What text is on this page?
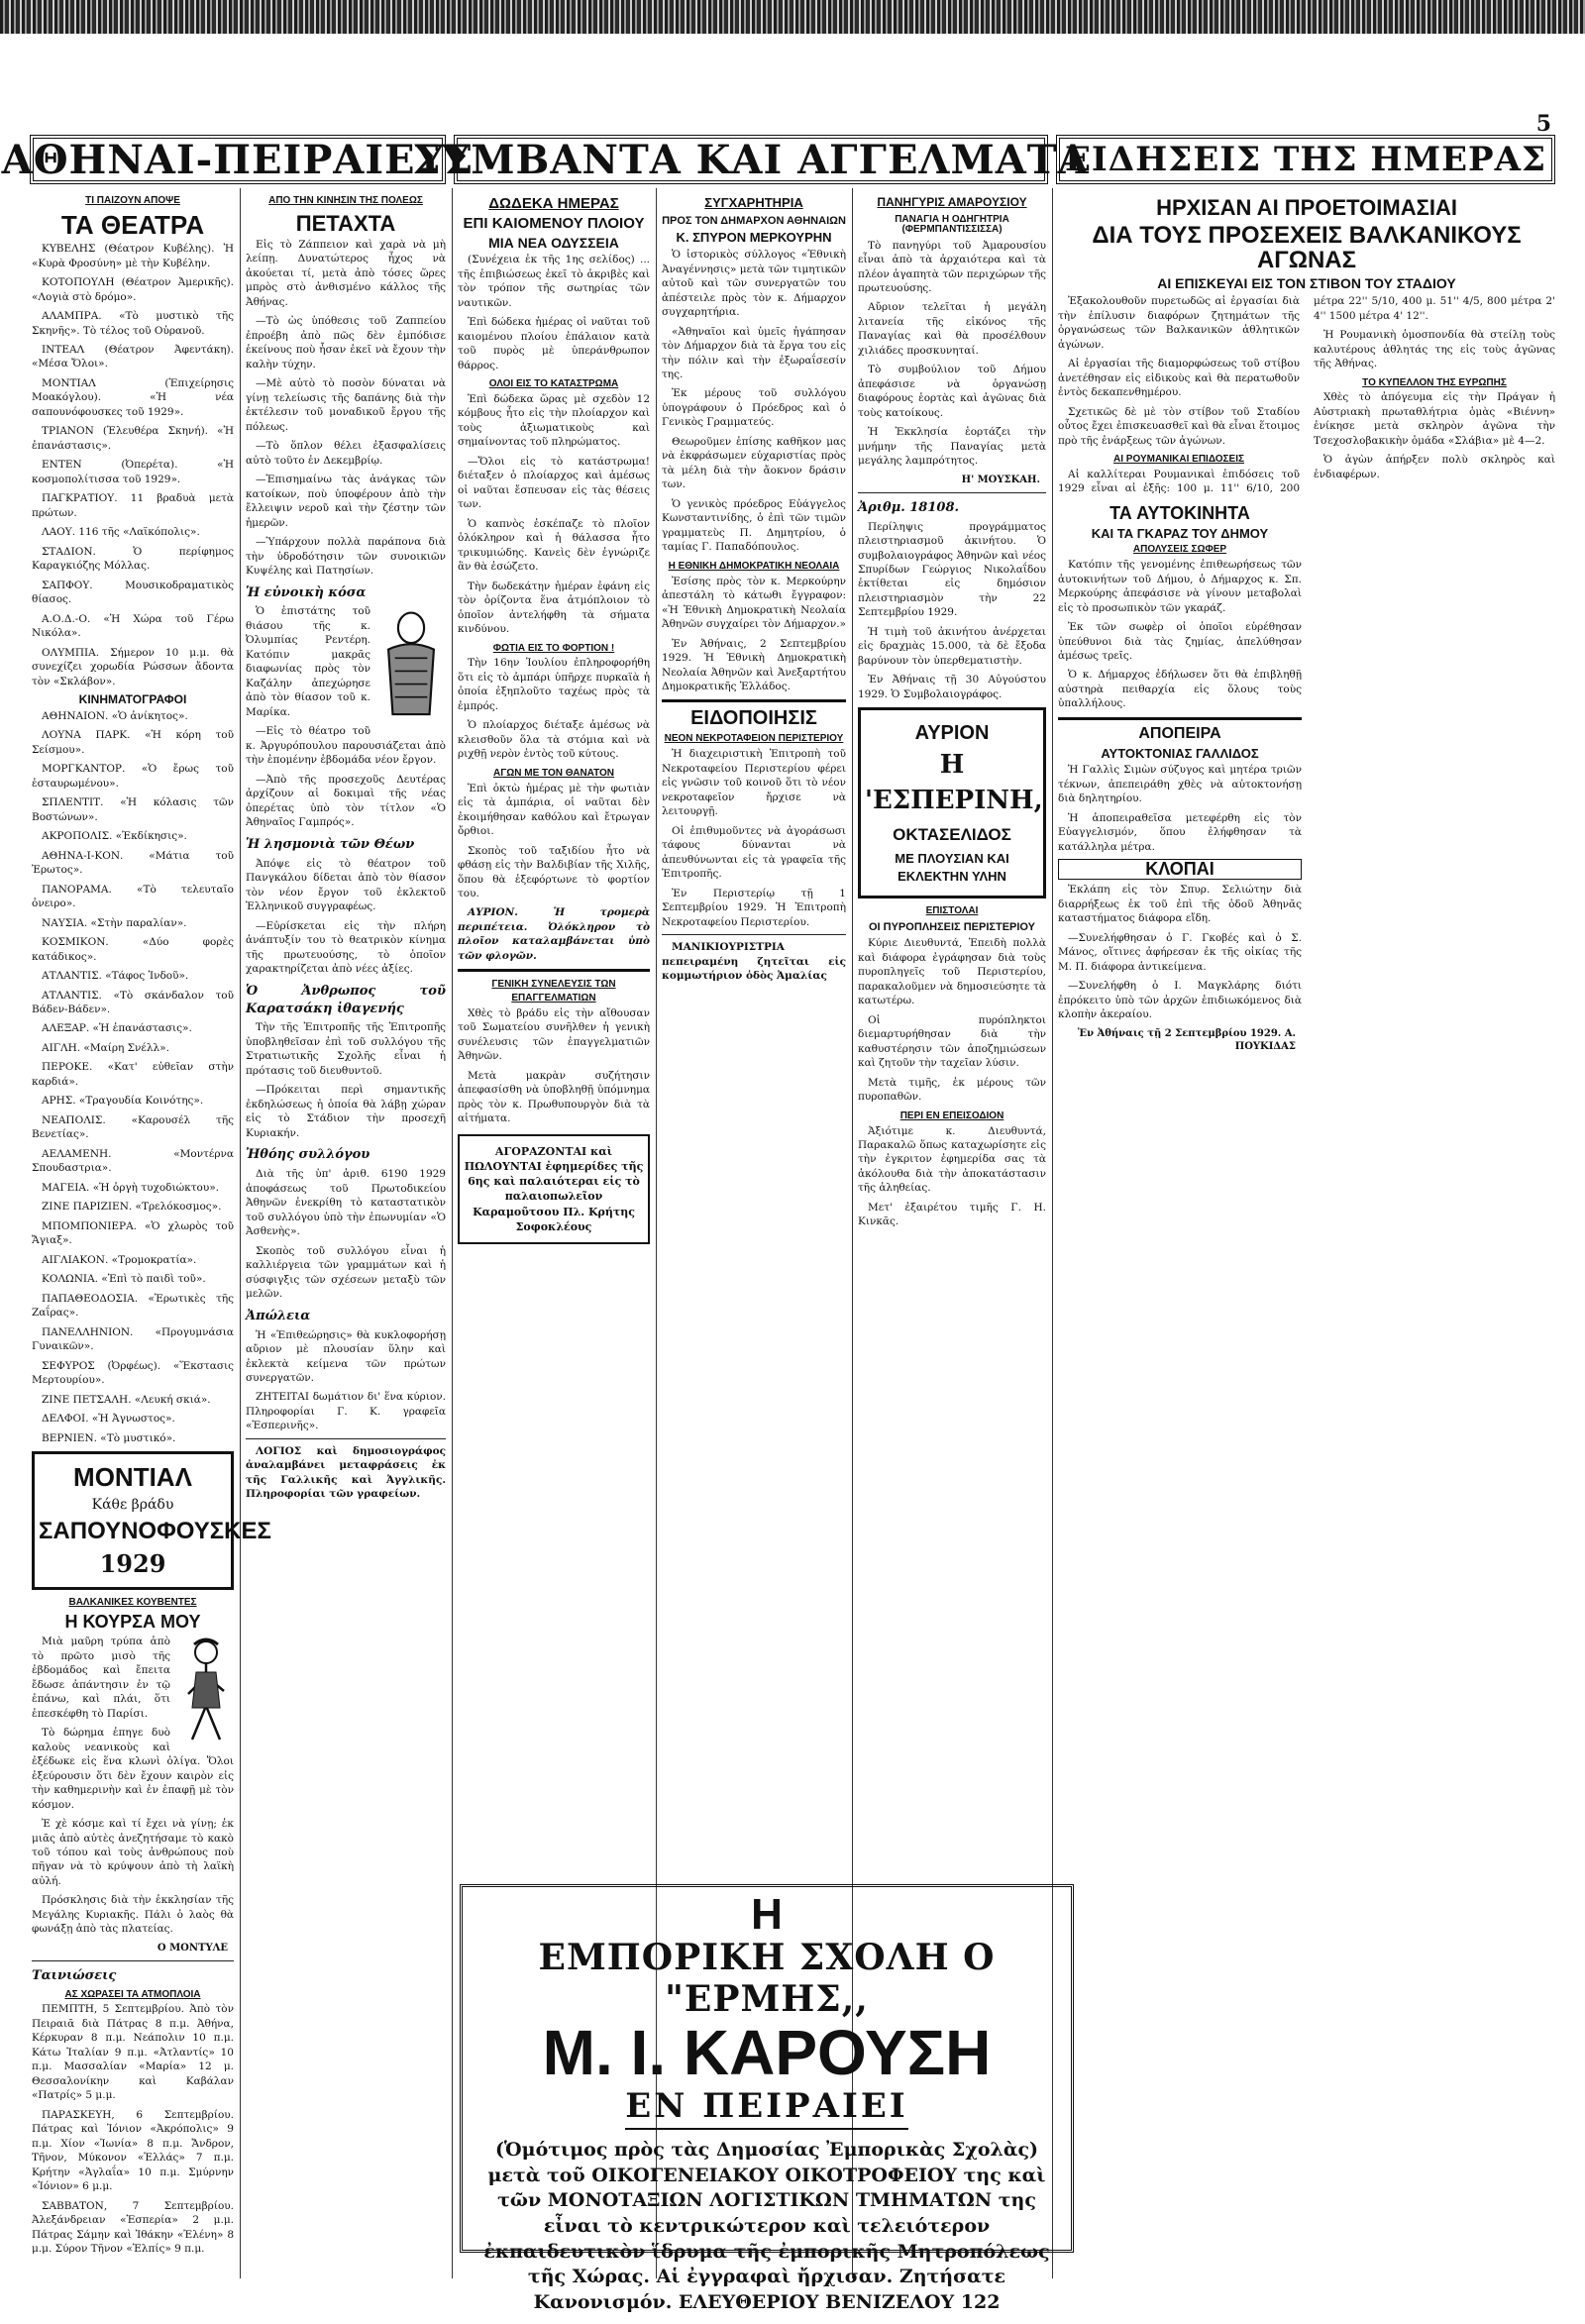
5
ΑΘΗΝΑΙ-ΠΕΙΡΑΙΕΥΣ
ΣΥΜΒΑΝΤΑ ΚΑΙ ΑΓΓΕΛΜΑΤΑ
ΕΙΔΗΣΕΙΣ ΤΗΣ ΗΜΕΡΑΣ
ΤΙ ΠΑΙΖΟΥΝ ΑΠΟΨΕ
ΤΑ ΘΕΑΤΡΑ

ΚΥΒΕΛΗΣ (Θέατρον Κυβέλης). Ἡ «Κυρὰ Φροσύνη» μὲ τὴν Κυβέλην.

ΚΟΤΟΠΟΥΛΗ (Θέατρον Ἀμερικῆς). «Λογιὰ στὸ δρόμο».

ΑΛΑΜΠΡΑ. «Τὸ μυστικὸ τῆς Σκηνῆς». Τὸ τέλος τοῦ Οὐρανοῦ.

ΙΝΤΕΑΛ (Θέατρον Ἀφεντάκη). «Μέσα Ὄλοι».

ΜΟΝΤΙΑΛ (Ἐπιχείρησις Μοακόγλου). «Ἡ νέα σαπουνόφουσκες τοῦ 1929».

ΤΡΙΑΝΟΝ (Ἐλευθέρα Σκηνή). «Ἡ ἐπανάστασις».

ΕΝΤΕΝ (Ὀπερέτα). «Ἡ κοσμοπολίτισσα τοῦ 1929».

ΠΑΓΚΡΑΤΙΟΥ. 11 βραδυὰ μετὰ πρώτων.

ΛΑΟΥ. 116 τῆς «Λαϊκόπολις».

ΣΤΑΔΙΟΝ. Ὁ περίφημος Καραγκιόζης Μόλλας.

ΣΑΠΦΟΥ. Μουσικοδραματικὸς θίασος.

Α.Ο.Δ.-Ο. «Ἡ Χώρα τοῦ Γέρω Νικόλα».

ΟΛΥΜΠΙΑ. Σήμερον 10 μ.μ. θὰ συνεχίζει χορωδία Ρώσσων ἄδοντα τὸν «Σκλάβον».

ΚΙΝΗΜΑΤΟΓΡΑΦΟΙ

ΑΘΗΝΑΙΟΝ. «Ὁ ἀνίκητος».

ΛΟΥΝΑ ΠΑΡΚ. «Ἡ κόρη τοῦ Σείσμου».

ΜΟΡΓΚΑΝΤΟΡ. «Ὁ ἔρως τοῦ ἐσταυρωμένου».

ΣΠΛΕΝΤΙΤ. «Ἡ κόλασις τῶν Βοστώνων».

ΑΚΡΟΠΟΛΙΣ. «Ἐκδίκησις».

ΑΘΗΝΑ-Ι-ΚΟΝ. «Μάτια τοῦ Ἐρωτος».

ΠΑΝΟΡΑΜΑ. «Τὸ τελευταῖο ὀνειρο».

ΝΑΥΣΙΑ. «Στὴν παραλίαν».

ΚΟΣΜΙΚΟΝ. «Δύο φορὲς κατάδικος».

ΑΤΛΑΝΤΙΣ. «Τάφος Ἰνδοῦ».

ΑΤΛΑΝΤΙΣ. «Τὸ σκάνδαλον τοῦ Βάδεν-Βάδεν».

ΑΛΕΞΑΡ. «Ἡ ἐπανάστασις».

ΑΙΓΛΗ. «Μαίρη Σνέλλ».

ΠΕΡΟΚΕ. «Κατ' εὐθεῖαν στὴν καρδιά».

ΑΡΗΣ. «Τραγουδία Κοινότης».

ΝΕΑΠΟΛΙΣ. «Καρουσέλ τῆς Βενετίας».

ΑΕΛΑΜΕΝΗ. «Μοντέρνα Σπουδαστρια».

ΜΑΓΕΙΑ. «Ἡ ὀργὴ τυχοδιώκτου».

ΖΙΝΕ ΠΑΡΙΖΙΕΝ. «Τρελόκοσμος».

ΜΠΟΜΠΟΝΙΕΡΑ. «Ὁ χλωρὸς τοῦ Ἄγιαξ».

ΑΙΓΛΙΑΚΟΝ. «Τρομοκρατία».

ΚΟΛΩΝΙΑ. «Ἐπὶ τὸ παιδὶ τοῦ».

ΠΑΠΑΘΕΟΔΟΣΙΑ. «Ἐρωτικὲς τῆς Ζαΐρας».

ΠΑΝΕΛΛΗΝΙΟΝ. «Προγυμνάσια Γυναικῶν».

ΣΕΦΥΡΟΣ (Ὀρφέως). «Ἕκστασις Μερτουρίου».

ΖΙΝΕ ΠΕΤΣΑΛΗ. «Λευκή σκιά».

ΔΕΛΦΟΙ. «Ἡ Ἀγνωστος».

ΒΕΡΝΙΕΝ. «Τὸ μυστικό».

ΜΟΝΤΙΑΛ
Κάθε βράδυ
ΣΑΠΟΥΝΟΦΟΥΣΚΕΣ
1929
ΒΑΛΚΑΝΙΚΕΣ ΚΟΥΒΕΝΤΕΣ
Η ΚΟΥΡΣΑ ΜΟΥ

Μιὰ μαῦρη τρύπα ἀπὸ τὸ πρῶτο μισὸ τῆς ἐβδομάδος καὶ ἔπειτα ἔδωσε ἀπάντησιν ἐν τῷ ἐπάνω, καὶ πλάι, ὅτι ἐπεσκέφθη τὸ Παρίσι.

Τὸ δώρημα ἐπηγε δυὸ καλοὺς νεανικοὺς καὶ ἐξέδωκε εἰς ἕνα κλωνὶ ὀλίγα. Ὅλοι ἐξεύρουσιν ὅτι δὲν ἔχουν καιρὸν εἰς τὴν καθημερινὴν καὶ ἐν ἐπαφῇ μὲ τὸν κόσμον.

Ἐ χὲ κόσμε καὶ τί ἔχει νὰ γίνῃ; ἐκ μιᾶς ἀπὸ αὐτὲς ἀνεζητήσαμε τὸ κακὸ τοῦ τόπου καὶ τοὺς ἀνθρώπους ποὺ πῆγαν νὰ τὸ κρύψουν ἀπὸ τὴ λαϊκὴ αὐλή.

Πρόσκλησις διὰ τὴν ἐκκλησίαν τῆς Μεγάλης Κυριακῆς. Πάλι ὁ λαὸς θὰ φωνάξῃ ἀπὸ τὰς πλατείας.

Ο ΜΟΝΤΥΛΕ
Ταινιώσεις
ΑΣ ΧΩΡΑΣΕΙ ΤΑ ΑΤΜΟΠΛΟΙΑ

ΠΕΜΠΤΗ, 5 Σεπτεμβρίου. Ἀπὸ τὸν Πειραιᾶ διὰ Πάτρας 8 π.μ. Ἀθήνα, Κέρκυραν 8 π.μ. Νεάπολιν 10 π.μ. Κάτω Ἰταλίαν 9 π.μ. «Ἀτλαντίς» 10 π.μ. Μασσαλίαν «Μαρία» 12 μ. Θεσσαλονίκην καὶ Καβάλαν «Πατρίς» 5 μ.μ.

ΠΑΡΑΣΚΕΥΗ, 6 Σεπτεμβρίου. Πάτρας καὶ Ἰόνιον «Ἀκρόπολις» 9 π.μ. Χίον «Ἰωνία» 8 π.μ. Ἄνδρον, Τῆνον, Μύκονον «Ἑλλάς» 7 π.μ. Κρήτην «Ἀγλαΐα» 10 π.μ. Σμύρνην «Ἰόνιον» 6 μ.μ.

ΣΑΒΒΑΤΟΝ, 7 Σεπτεμβρίου. Ἀλεξάνδρειαν «Ἐσπερία» 2 μ.μ. Πάτρας Σάμην καὶ Ἰθάκην «Ἐλένη» 8 μ.μ. Σύρον Τῆνον «Ἐλπίς» 9 π.μ.

ΑΠΟ ΤΗΝ ΚΙΝΗΣΙΝ ΤΗΣ ΠΟΛΕΩΣ
ΠΕΤΑΧΤΑ

Εἰς τὸ Ζάππειον καὶ χαρὰ νὰ μὴ λείπῃ. Δυνατώτερος ἦχος νὰ ἀκούεται τί, μετὰ ἀπὸ τόσες ὥρες μπρὸς στὸ ἀνθισμένο κάλλος τῆς Ἀθήνας.

—Τὸ ὡς ὑπόθεσις τοῦ Ζαππείου ἐπροέβη ἀπὸ πῶς δὲν ἐμπόδισε ἐκείνους ποὺ ἦσαν ἐκεῖ νὰ ἔχουν τὴν καλὴν τύχην.

—Μὲ αὐτὸ τὸ ποσὸν δύναται νὰ γίνῃ τελείωσις τῆς δαπάνης διὰ τὴν ἐκτέλεσιν τοῦ μοναδικοῦ ἔργου τῆς πόλεως.

—Τὸ ὅπλον θέλει ἐξασφαλίσεις αὐτὸ τοῦτο ἐν Δεκεμβρίῳ.

—Ἐπισημαίνω τὰς ἀνάγκας τῶν κατοίκων, ποὺ ὑποφέρουν ἀπὸ τὴν ἔλλειψιν νεροῦ καὶ τὴν ζέστην τῶν ἡμερῶν.

—Ὑπάρχουν πολλὰ παράπονα διὰ τὴν ὑδροδότησιν τῶν συνοικιῶν Κυψέλης καὶ Πατησίων.

Ἡ εὐνοικὴ κόσα

Ὁ ἐπιστάτης τοῦ θιάσου τῆς κ. Ὀλυμπίας Ρεντέρη. Κατόπιν μακρᾶς διαφωνίας πρὸς τὸν Καζάλην ἀπεχώρησε ἀπὸ τὸν θίασον τοῦ κ. Μαρίκα.

—Εἰς τὸ θέατρο τοῦ κ. Ἀργυρόπουλου παρουσιάζεται ἀπὸ τὴν ἑπομένην ἑβδομάδα νέον ἔργον.

—Ἀπὸ τῆς προσεχοῦς Δευτέρας ἀρχίζουν αἱ δοκιμαὶ τῆς νέας ὀπερέτας ὑπὸ τὸν τίτλον «Ὁ Ἀθηναῖος Γαμπρός».

Ἡ λησμονιὰ τῶν Θέων

Ἀπόψε εἰς τὸ θέατρον τοῦ Πανγκάλου δίδεται ἀπὸ τὸν θίασον τὸν νέον ἔργον τοῦ ἐκλεκτοῦ Ἑλληνικοῦ συγγραφέως.

—Εὐρίσκεται εἰς τὴν πλήρη ἀνάπτυξίν του τὸ θεατρικὸν κίνημα τῆς πρωτευούσης, τὸ ὁποῖον χαρακτηρίζεται ἀπὸ νέες ἀξίες.

Ὁ Ἀνθρωπος τοῦ Καρατσάκη ἰθαγενής

Τὴν τῆς Ἐπιτροπῆς τῆς Ἐπιτροπῆς ὑποβληθεῖσαν ἐπὶ τοῦ συλλόγου τῆς Στρατιωτικῆς Σχολῆς εἶναι ἡ πρότασις τοῦ διευθυντοῦ.

—Πρόκειται περὶ σημαντικῆς ἐκδηλώσεως ἡ ὁποία θὰ λάβῃ χώραν εἰς τὸ Στάδιον τὴν προσεχῆ Κυριακήν.

Ἠθόης συλλόγου

Διὰ τῆς ὑπ' ἀριθ. 6190 1929 ἀποφάσεως τοῦ Πρωτοδικείου Ἀθηνῶν ἐνεκρίθη τὸ καταστατικὸν τοῦ συλλόγου ὑπὸ τὴν ἐπωνυμίαν «Ὁ Ἀσθενὴς».

Σκοπὸς τοῦ συλλόγου εἶναι ἡ καλλιέργεια τῶν γραμμάτων καὶ ἡ σύσφιγξις τῶν σχέσεων μεταξὺ τῶν μελῶν.

Ἀπώλεια

Ἡ «Ἐπιθεώρησις» θὰ κυκλοφορήσῃ αὔριον μὲ πλουσίαν ὕλην καὶ ἐκλεκτὰ κείμενα τῶν πρώτων συνεργατῶν.

ΖΗΤΕΙΤΑΙ δωμάτιον δι' ἕνα κύριον. Πληροφορίαι Γ. Κ. γραφεῖα «Ἐσπερινῆς».

ΛΟΓΙΟΣ καὶ δημοσιογράφος ἀναλαμβάνει μεταφράσεις ἐκ τῆς Γαλλικῆς καὶ Ἀγγλικῆς. Πληροφορίαι τῶν γραφείων.

ΔΩΔΕΚΑ ΗΜΕΡΑΣ
ΕΠΙ ΚΑΙΟΜΕΝΟΥ ΠΛΟΙΟΥ
ΜΙΑ ΝΕΑ ΟΔΥΣΣΕΙΑ

(Συνέχεια ἐκ τῆς 1ης σελίδος) ... τῆς ἐπιβιώσεως ἐκεῖ τὸ ἀκριβὲς καὶ τὸν τρόπον τῆς σωτηρίας τῶν ναυτικῶν.

Ἐπὶ δώδεκα ἡμέρας οἱ ναῦται τοῦ καιομένου πλοίου ἐπάλαιον κατὰ τοῦ πυρὸς μὲ ὑπεράνθρωπον θάρρος.

ΟΛΟΙ ΕΙΣ ΤΟ ΚΑΤΑΣΤΡΩΜΑ

Ἐπὶ δώδεκα ὥρας μὲ σχεδὸν 12 κόμβους ἦτο εἰς τὴν πλοίαρχον καὶ τοὺς ἀξιωματικοὺς καὶ σημαίνοντας τοῦ πληρώματος.

—Ὅλοι εἰς τὸ κατάστρωμα! διέταξεν ὁ πλοίαρχος καὶ ἀμέσως οἱ ναῦται ἔσπευσαν εἰς τὰς θέσεις των.

Ὁ καπνὸς ἐσκέπαζε τὸ πλοῖον ὁλόκληρον καὶ ἡ θάλασσα ἦτο τρικυμιώδης. Κανεὶς δὲν ἐγνώριζε ἂν θὰ ἐσώζετο.

Τὴν δωδεκάτην ἡμέραν ἐφάνη εἰς τὸν ὁρίζοντα ἕνα ἀτμόπλοιον τὸ ὁποῖον ἀντελήφθη τὰ σήματα κινδύνου.

ΦΩΤΙΑ ΕΙΣ ΤΟ ΦΟΡΤΙΟΝ !

Τὴν 16ην Ἰουλίου ἐπληροφορήθη ὅτι εἰς τὸ ἀμπάρι ὑπῆρχε πυρκαϊὰ ἡ ὁποία ἐξηπλοῦτο ταχέως πρὸς τὰ ἐμπρός.

Ὁ πλοίαρχος διέταξε ἀμέσως νὰ κλεισθοῦν ὅλα τὰ στόμια καὶ νὰ ριχθῇ νερὸν ἐντὸς τοῦ κύτους.

ΑΓΩΝ ΜΕ ΤΟΝ ΘΑΝΑΤΟΝ

Ἐπὶ ὀκτὼ ἡμέρας μὲ τὴν φωτιὰν εἰς τὰ ἀμπάρια, οἱ ναῦται δὲν ἐκοιμήθησαν καθόλου καὶ ἔτρωγαν ὄρθιοι.

Σκοπὸς τοῦ ταξιδίου ἦτο νὰ φθάσῃ εἰς τὴν Βαλδιβίαν τῆς Χιλῆς, ὅπου θὰ ἐξεφόρτωνε τὸ φορτίον του.

ΑΥΡΙΟΝ. Ἡ τρομερὰ περιπέτεια. Ὀλόκληρον τὸ πλοῖον καταλαμβάνεται ὑπὸ τῶν φλογῶν.

ΓΕΝΙΚΗ ΣΥΝΕΛΕΥΣΙΣ ΤΩΝ ΕΠΑΓΓΕΛΜΑΤΙΩΝ

Χθὲς τὸ βράδυ εἰς τὴν αἴθουσαν τοῦ Σωματείου συνῆλθεν ἡ γενικὴ συνέλευσις τῶν ἐπαγγελματιῶν Ἀθηνῶν.

Μετὰ μακρὰν συζήτησιν ἀπεφασίσθη νὰ ὑποβληθῇ ὑπόμνημα πρὸς τὸν κ. Πρωθυπουργὸν διὰ τὰ αἰτήματα.

ΑΓΟΡΑΖΟΝΤΑΙ καὶ ΠΩΛΟΥΝΤΑΙ ἐφημερίδες τῆς 6ης καὶ παλαιότεραι εἰς τὸ παλαιοπωλεῖον Καραμοῦτσου Πλ. Κρήτης Σοφοκλέους
ΣΥΓΧΑΡΗΤΗΡΙΑ
ΠΡΟΣ ΤΟΝ ΔΗΜΑΡΧΟΝ ΑΘΗΝΑΙΩΝ
Κ. ΣΠΥΡΟΝ ΜΕΡΚΟΥΡΗΝ

Ὁ ἱστορικὸς σύλλογος «Ἐθνικὴ Ἀναγέννησις» μετὰ τῶν τιμητικῶν αὐτοῦ καὶ τῶν συνεργατῶν του ἀπέστειλε πρὸς τὸν κ. Δήμαρχον συγχαρητήρια.

«Ἀθηναῖοι καὶ ὑμεῖς ἠγάπησαν τὸν Δήμαρχον διὰ τὰ ἔργα του εἰς τὴν πόλιν καὶ τὴν ἐξωραΐσεσίν της.

Ἐκ μέρους τοῦ συλλόγου ὑπογράφουν ὁ Πρόεδρος καὶ ὁ Γενικὸς Γραμματεύς.

Θεωροῦμεν ἐπίσης καθῆκον μας νὰ ἐκφράσωμεν εὐχαριστίας πρὸς τὰ μέλη διὰ τὴν ἄοκνον δράσιν των.

Ὁ γενικὸς πρόεδρος Εὐάγγελος Κωνσταντινίδης, ὁ ἐπὶ τῶν τιμῶν γραμματεὺς Π. Δημητρίου, ὁ ταμίας Γ. Παπαδόπουλος.

Η ΕΘΝΙΚΗ ΔΗΜΟΚΡΑΤΙΚΗ ΝΕΟΛΑΙΑ

Ἐσίσης πρὸς τὸν κ. Μερκούρην ἀπεστάλη τὸ κάτωθι ἔγγραφον: «Ἡ Ἐθνικὴ Δημοκρατικὴ Νεολαία Ἀθηνῶν συγχαίρει τὸν Δήμαρχον.»

Ἐν Ἀθήναις, 2 Σεπτεμβρίου 1929. Ἡ Ἐθνικὴ Δημοκρατικὴ Νεολαία Ἀθηνῶν καὶ Ἀνεξαρτήτου Δημοκρατικῆς Ἑλλάδος.

ΕΙΔΟΠΟΙΗΣΙΣ
ΝΕΟΝ ΝΕΚΡΟΤΑΦΕΙΟΝ ΠΕΡΙΣΤΕΡΙΟΥ

Ἡ διαχειριστικὴ Ἐπιτροπὴ τοῦ Νεκροταφείου Περιστερίου φέρει εἰς γνῶσιν τοῦ κοινοῦ ὅτι τὸ νέον νεκροταφεῖον ἤρχισε νὰ λειτουργῇ.

Οἱ ἐπιθυμοῦντες νὰ ἀγοράσωσι τάφους δύνανται νὰ ἀπευθύνωνται εἰς τὰ γραφεῖα τῆς Ἐπιτροπῆς.

Ἐν Περιστερίῳ τῇ 1 Σεπτεμβρίου 1929. Ἡ Ἐπιτροπὴ Νεκροταφείου Περιστερίου.

ΜΑΝΙΚΙΟΥΡΙΣΤΡΙΑ πεπειραμένη ζητεῖται εἰς κομμωτήριον ὁδὸς Ἀμαλίας

ΠΑΝΗΓΥΡΙΣ ΑΜΑΡΟΥΣΙΟΥ
ΠΑΝΑΓΙΑ Η ΟΔΗΓΗΤΡΙΑ (ΦΕΡΜΠΑΝΤΙΣΣΙΣΣΑ)

Τὸ πανηγύρι τοῦ Ἀμαρουσίου εἶναι ἀπὸ τὰ ἀρχαιότερα καὶ τὰ πλέον ἀγαπητὰ τῶν περιχώρων τῆς πρωτευούσης.

Αὔριον τελεῖται ἡ μεγάλη λιτανεία τῆς εἰκόνος τῆς Παναγίας καὶ θὰ προσέλθουν χιλιάδες προσκυνηταί.

Τὸ συμβούλιον τοῦ Δήμου ἀπεφάσισε νὰ ὀργανώσῃ διαφόρους ἑορτὰς καὶ ἀγῶνας διὰ τοὺς κατοίκους.

Ἡ Ἐκκλησία ἑορτάζει τὴν μνήμην τῆς Παναγίας μετὰ μεγάλης λαμπρότητος.

Η' ΜΟΥΣΚΑΗ.
Ἀριθμ. 18108.

Περίληψις προγράμματος πλειστηριασμοῦ ἀκινήτου. Ὁ συμβολαιογράφος Ἀθηνῶν καὶ νέος Σπυρίδων Γεώργιος Νικολαΐδου ἐκτίθεται εἰς δημόσιον πλειστηριασμὸν τὴν 22 Σεπτεμβρίου 1929.

Ἡ τιμὴ τοῦ ἀκινήτου ἀνέρχεται εἰς δραχμὰς 15.000, τὰ δὲ ἔξοδα βαρύνουν τὸν ὑπερθεματιστὴν.

Ἐν Ἀθήναις τῇ 30 Αὐγούστου 1929. Ὁ Συμβολαιογράφος.

ΑΥΡΙΟΝ
Η 'ΕΣΠΕΡΙΝΗ,
ΟΚΤΑΣΕΛΙΔΟΣ
ΜΕ ΠΛΟΥΣΙΑΝ ΚΑΙ ΕΚΛΕΚΤΗΝ ΥΛΗΝ
ΕΠΙΣΤΟΛΑΙ
ΟΙ ΠΥΡΟΠΛΗΣΕΙΣ ΠΕΡΙΣΤΕΡΙΟΥ

Κύριε Διευθυντά, Ἐπειδὴ πολλὰ καὶ διάφορα ἐγράφησαν διὰ τοὺς πυροπληγεῖς τοῦ Περιστερίου, παρακαλοῦμεν νὰ δημοσιεύσητε τὰ κατωτέρω.

Οἱ πυρόπληκτοι διεμαρτυρήθησαν διὰ τὴν καθυστέρησιν τῶν ἀποζημιώσεων καὶ ζητοῦν τὴν ταχεῖαν λύσιν.

Μετὰ τιμῆς, ἐκ μέρους τῶν πυροπαθῶν.

ΠΕΡΙ ΕΝ ΕΠΕΙΣΟΔΙΟΝ

Ἀξιότιμε κ. Διευθυντά, Παρακαλῶ ὅπως καταχωρίσητε εἰς τὴν ἐγκριτον ἐφημερίδα σας τὰ ἀκόλουθα διὰ τὴν ἀποκατάστασιν τῆς ἀληθείας.

Μετ' ἐξαιρέτου τιμῆς Γ. Η. Κινκᾶς.

ΗΡΧΙΣΑΝ ΑΙ ΠΡΟΕΤΟΙΜΑΣΙΑΙ
ΔΙΑ ΤΟΥΣ ΠΡΟΣΕΧΕΙΣ ΒΑΛΚΑΝΙΚΟΥΣ ΑΓΩΝΑΣ
ΑΙ ΕΠΙΣΚΕΥΑΙ ΕΙΣ ΤΟΝ ΣΤΙΒΟΝ ΤΟΥ ΣΤΑΔΙΟΥ

Ἐξακολουθοῦν πυρετωδῶς αἱ ἐργασίαι διὰ τὴν ἐπίλυσιν διαφόρων ζητημάτων τῆς ὀργανώσεως τῶν Βαλκανικῶν ἀθλητικῶν ἀγώνων.

Αἱ ἐργασίαι τῆς διαμορφώσεως τοῦ στίβου ἀνετέθησαν εἰς εἰδικοὺς καὶ θὰ περατωθοῦν ἐντὸς δεκαπενθημέρου.

Σχετικῶς δὲ μὲ τὸν στίβον τοῦ Σταδίου οὗτος ἔχει ἐπισκευασθεῖ καὶ θὰ εἶναι ἕτοιμος πρὸ τῆς ἐνάρξεως τῶν ἀγώνων.

ΑΙ ΡΟΥΜΑΝΙΚΑΙ ΕΠΙΔΟΣΕΙΣ

Αἱ καλλίτεραι Ρουμανικαὶ ἐπιδόσεις τοῦ 1929 εἶναι αἱ ἑξῆς: 100 μ. 11'' 6/10, 200 μέτρα 22'' 5/10, 400 μ. 51'' 4/5, 800 μέτρα 2' 4'' 1500 μέτρα 4' 12''.

Ἡ Ρουμανικὴ ὁμοσπονδία θὰ στείλῃ τοὺς καλυτέρους ἀθλητάς της εἰς τοὺς ἀγῶνας τῆς Ἀθήνας.

ΤΟ ΚΥΠΕΛΛΟΝ ΤΗΣ ΕΥΡΩΠΗΣ

Χθὲς τὸ ἀπόγευμα εἰς τὴν Πράγαν ἡ Αὐστριακὴ πρωταθλήτρια ὁμὰς «Βιέννη» ἐνίκησε μετὰ σκληρὸν ἀγῶνα τὴν Τσεχοσλοβακικὴν ὁμάδα «Σλάβια» μὲ 4—2.

Ὁ ἀγὼν ἀπήρξεν πολὺ σκληρὸς καὶ ἐνδιαφέρων.

ΤΑ ΑΥΤΟΚΙΝΗΤΑ
ΚΑΙ ΤΑ ΓΚΑΡΑΖ ΤΟΥ ΔΗΜΟΥ
ΑΠΟΛΥΣΕΙΣ ΣΩΦΕΡ

Κατόπιν τῆς γενομένης ἐπιθεωρήσεως τῶν ἀυτοκινήτων τοῦ Δήμου, ὁ Δήμαρχος κ. Σπ. Μερκούρης ἀπεφάσισε νὰ γίνουν μεταβολαὶ εἰς τὸ προσωπικὸν τῶν γκαράζ.

Ἐκ τῶν σωφὲρ οἱ ὁποῖοι εὑρέθησαν ὑπεύθυνοι διὰ τὰς ζημίας, ἀπελύθησαν ἀμέσως τρεῖς.

Ὁ κ. Δήμαρχος ἐδήλωσεν ὅτι θὰ ἐπιβληθῇ αὐστηρὰ πειθαρχία εἰς ὅλους τοὺς ὑπαλλήλους.

ΑΠΟΠΕΙΡΑ
ΑΥΤΟΚΤΟΝΙΑΣ ΓΑΛΛΙΔΟΣ

Ἡ Γαλλὶς Σιμὼν σύζυγος καὶ μητέρα τριῶν τέκνων, ἀπεπειράθη χθὲς νὰ αὐτοκτονήσῃ διὰ δηλητηρίου.

Ἡ ἀποπειραθεῖσα μετεφέρθη εἰς τὸν Εὐαγγελισμόν, ὅπου ἐλήφθησαν τὰ κατάλληλα μέτρα.

ΚΛΟΠΑΙ

Ἐκλάπη εἰς τὸν Σπυρ. Σελιώτην διὰ διαρρήξεως ἐκ τοῦ ἐπὶ τῆς ὁδοῦ Ἀθηνᾶς καταστήματος διάφορα εἴδη.

—Συνελήφθησαν ὁ Γ. Γκοβές καὶ ὁ Σ. Μάνος, οἵτινες ἀφήρεσαν ἐκ τῆς οἰκίας τῆς Μ. Π. διάφορα ἀντικείμενα.

—Συνελήφθη ὁ Ι. Μαγκλάρης διότι ἐπρόκειτο ὑπὸ τῶν ἀρχῶν ἐπιδιωκόμενος διὰ κλοπὴν ἀκεραίου.

Ἐν Ἀθήναις τῇ 2 Σεπτεμβρίου 1929. Α. ΠΟΥΚΙΔΑΣ
Η
ΕΜΠΟΡΙΚΗ ΣΧΟΛΗ Ο "ΕΡΜΗΣ,,
Μ. Ι. ΚΑΡΟΥΣΗ
ΕΝ ΠΕΙΡΑΙΕΙ
(Ὁμότιμος πρὸς τὰς Δημοσίας Ἐμπορικὰς Σχολὰς) μετὰ τοῦ ΟΙΚΟΓΕΝΕΙΑΚΟΥ ΟΙΚΟΤΡΟΦΕΙΟΥ της καὶ τῶν ΜΟΝΟΤΑΞΙΩΝ ΛΟΓΙΣΤΙΚΩΝ ΤΜΗΜΑΤΩΝ της εἶναι τὸ κεντρικώτερον καὶ τελειότερον ἐκπαιδευτικὸν ἵδρυμα τῆς ἐμπορικῆς Μητροπόλεως τῆς Χώρας. Αἱ ἐγγραφαὶ ἤρχισαν. Ζητήσατε Κανονισμόν. ΕΛΕΥΘΕΡΙΟΥ ΒΕΝΙΖΕΛΟΥ 122
